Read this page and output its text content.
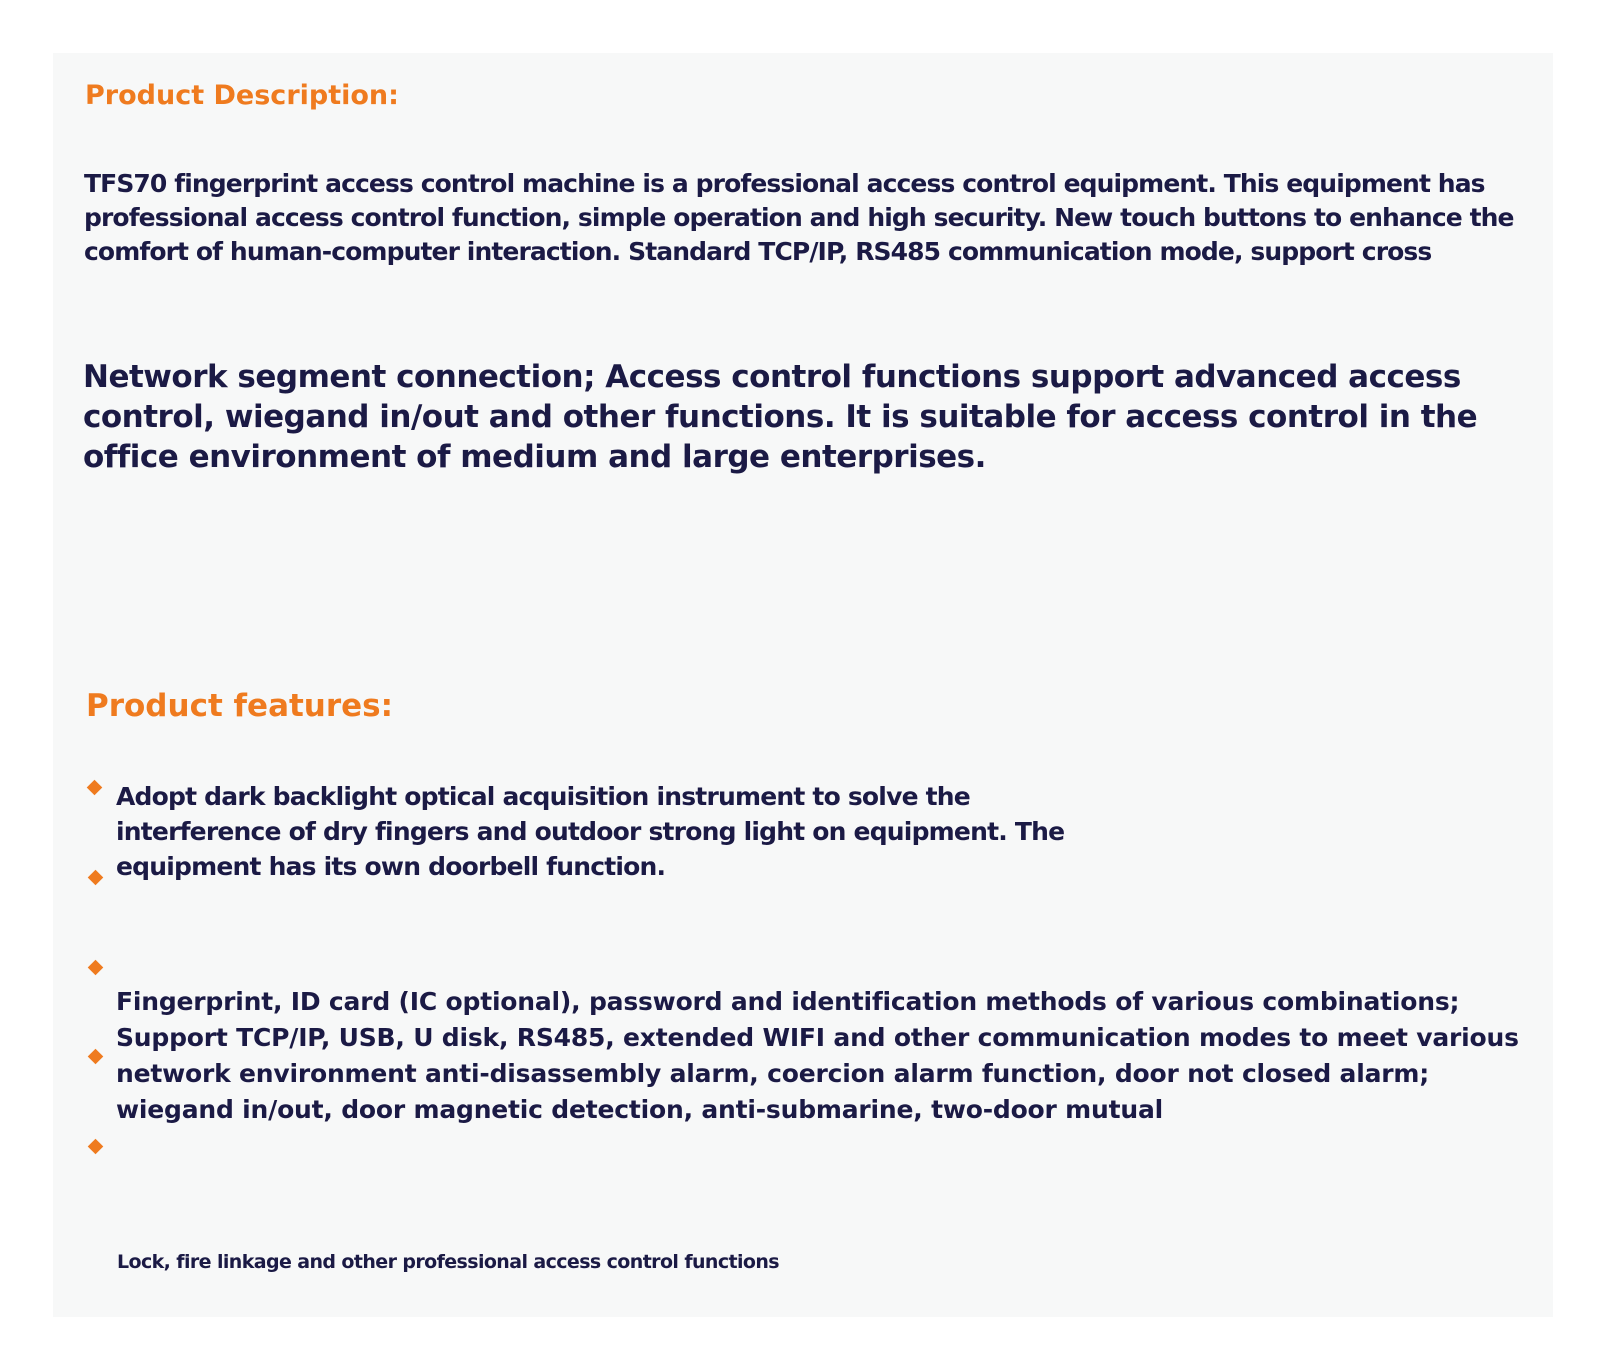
Product Description:

TFS70 fingerprint access control machine is a professional access control equipment. This equipment has professional access control function, simple operation and high security. New touch buttons to enhance the comfort of human-computer interaction. Standard TCP/IP, RS485 communication mode, support cross

Network segment connection; Access control functions support advanced access control, wiegand in/out and other functions. It is suitable for access control in the office environment of medium and large enterprises.

Product features:

Adopt dark backlight optical acquisition instrument to solve the interference of dry fingers and outdoor strong light on equipment. The equipment has its own doorbell function.

Fingerprint, ID card (IC optional), password and identification methods of various combinations; Support TCP/IP, USB, U disk, RS485, extended WIFI and other communication modes to meet various network environment anti-disassembly alarm, coercion alarm function, door not closed alarm; wiegand in/out, door magnetic detection, anti-submarine, two-door mutual

Lock, fire linkage and other professional access control functions
